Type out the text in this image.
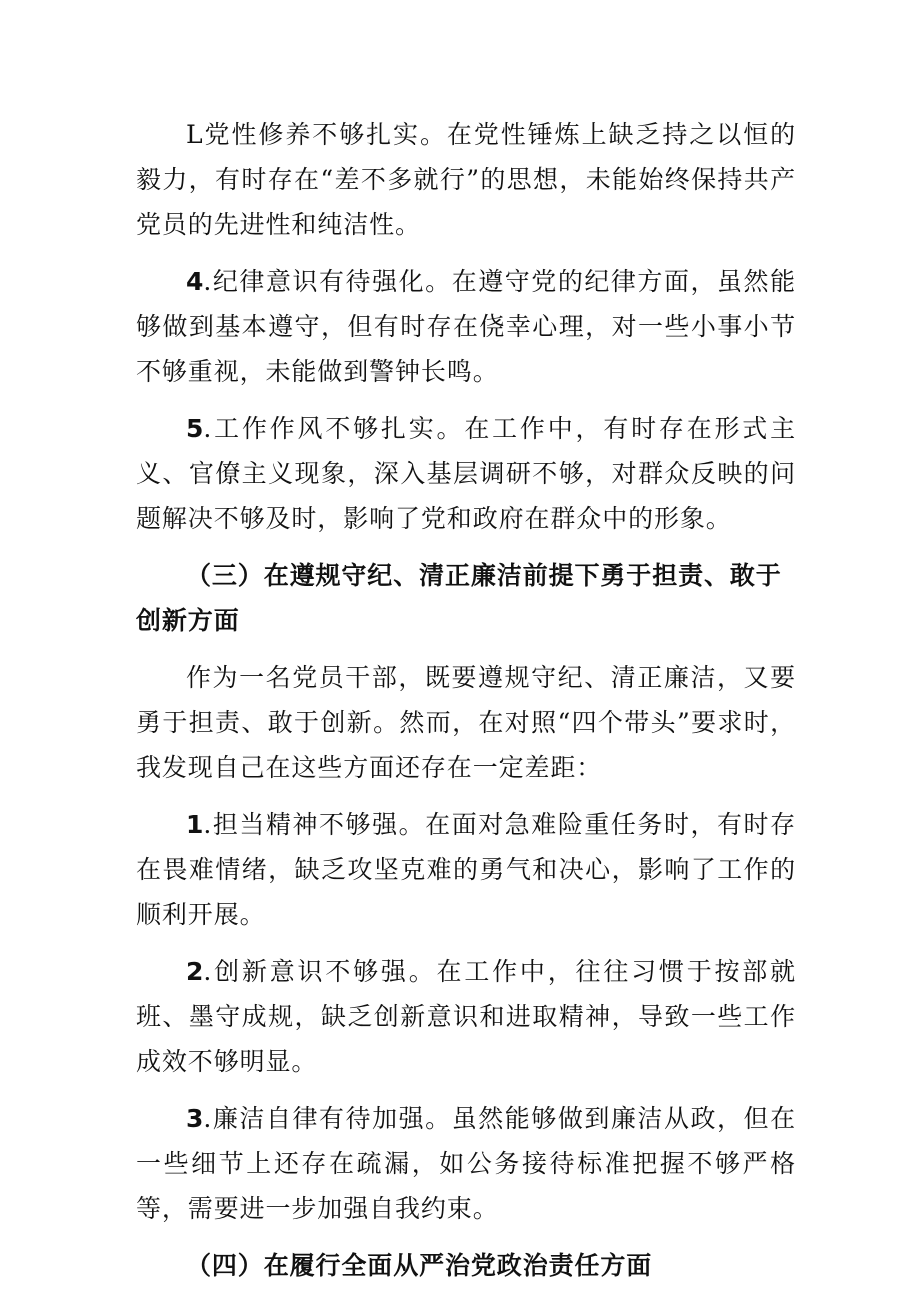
L党性修养不够扎实。在党性锤炼上缺乏持之以恒的毅力，有时存在“差不多就行”的思想，未能始终保持共产党员的先进性和纯洁性。

4.纪律意识有待强化。在遵守党的纪律方面，虽然能够做到基本遵守，但有时存在侥幸心理，对一些小事小节不够重视，未能做到警钟长鸣。

5.工作作风不够扎实。在工作中，有时存在形式主义、官僚主义现象，深入基层调研不够，对群众反映的问题解决不够及时，影响了党和政府在群众中的形象。

（三）在遵规守纪、清正廉洁前提下勇于担责、敢于创新方面

作为一名党员干部，既要遵规守纪、清正廉洁，又要勇于担责、敢于创新。然而，在对照“四个带头”要求时，我发现自己在这些方面还存在一定差距：

1.担当精神不够强。在面对急难险重任务时，有时存在畏难情绪，缺乏攻坚克难的勇气和决心，影响了工作的顺利开展。

2.创新意识不够强。在工作中，往往习惯于按部就班、墨守成规，缺乏创新意识和进取精神，导致一些工作成效不够明显。

3.廉洁自律有待加强。虽然能够做到廉洁从政，但在一些细节上还存在疏漏，如公务接待标准把握不够严格等，需要进一步加强自我约束。

（四）在履行全面从严治党政治责任方面
